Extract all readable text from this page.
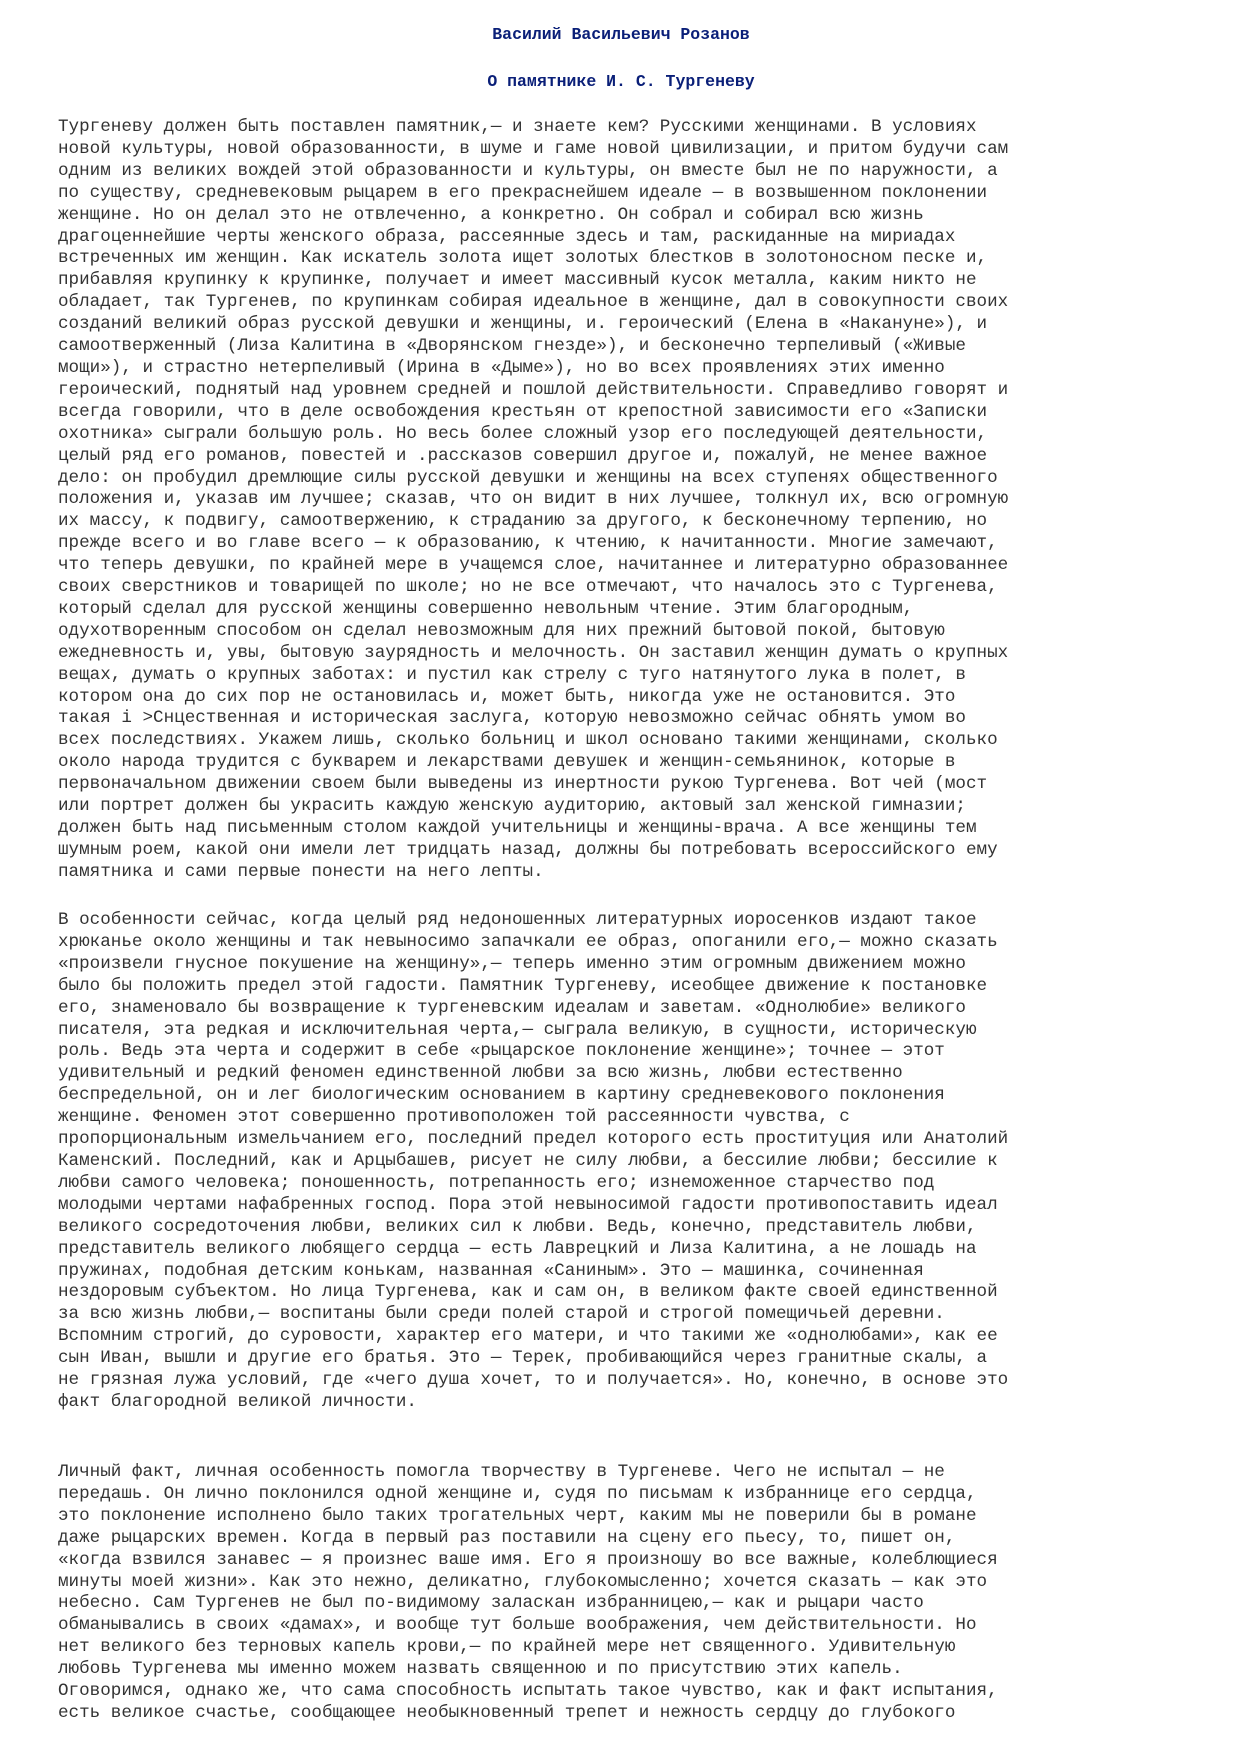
Василий Васильевич Розанов
О памятнике И. С. Тургеневу

Тургеневу должен быть поставлен памятник,— и знаете кем? Русскими женщинами. В условиях
новой культуры, новой образованности, в шуме и гаме новой цивилизации, и притом будучи сам
одним из великих вождей этой образованности и культуры, он вместе был не по наружности, а
по существу, средневековым рыцарем в его прекраснейшем идеале — в возвышенном поклонении
женщине. Но он делал это не отвлеченно, а конкретно. Он собрал и собирал всю жизнь
драгоценнейшие черты женского образа, рассеянные здесь и там, раскиданные на мириадах
встреченных им женщин. Как искатель золота ищет золотых блестков в золотоносном песке и,
прибавляя крупинку к крупинке, получает и имеет массивный кусок металла, каким никто не
обладает, так Тургенев, по крупинкам собирая идеальное в женщине, дал в совокупности своих
созданий великий образ русской девушки и женщины, и. героический (Елена в «Накануне»), и
самоотверженный (Лиза Калитина в «Дворянском гнезде»), и бесконечно терпеливый («Живые
мощи»), и страстно нетерпеливый (Ирина в «Дыме»), но во всех проявлениях этих именно
героический, поднятый над уровнем средней и пошлой действительности. Справедливо говорят и
всегда говорили, что в деле освобождения крестьян от крепостной зависимости его «Записки
охотника» сыграли большую роль. Но весь более сложный узор его последующей деятельности,
целый ряд его романов, повестей и .рассказов совершил другое и, пожалуй, не менее важное
дело: он пробудил дремлющие силы русской девушки и женщины на всех ступенях общественного
положения и, указав им лучшее; сказав, что он видит в них лучшее, толкнул их, всю огромную
их массу, к подвигу, самоотвержению, к страданию за другого, к бесконечному терпению, но
прежде всего и во главе всего — к образованию, к чтению, к начитанности. Многие замечают,
что теперь девушки, по крайней мере в учащемся слое, начитаннее и литературно образованнее
своих сверстников и товарищей по школе; но не все отмечают, что началось это с Тургенева,
который сделал для русской женщины совершенно невольным чтение. Этим благородным,
одухотворенным способом он сделал невозможным для них прежний бытовой покой, бытовую
ежедневность и, увы, бытовую заурядность и мелочность. Он заставил женщин думать о крупных
вещах, думать о крупных заботах: и пустил как стрелу с туго натянутого лука в полет, в
котором она до сих пор не остановилась и, может быть, никогда уже не остановится. Это
такая і >Снцественная и историческая заслуга, которую невозможно сейчас обнять умом во
всех последствиях. Укажем лишь, сколько больниц и школ основано такими женщинами, сколько
около народа трудится с букварем и лекарствами девушек и женщин-семьянинок, которые в
первоначальном движении своем были выведены из инертности рукою Тургенева. Вот чей (мост
или портрет должен бы украсить каждую женскую аудиторию, актовый зал женской гимназии;
должен быть над письменным столом каждой учительницы и женщины-врача. А все женщины тем
шумным роем, какой они имели лет тридцать назад, должны бы потребовать всероссийского ему
памятника и сами первые понести на него лепты.

В особенности сейчас, когда целый ряд недоношенных литературных иоросенков издают такое
хрюканье около женщины и так невыносимо запачкали ее образ, опоганили его,— можно сказать
«произвели гнусное покушение на женщину»,— теперь именно этим огромным движением можно
было бы положить предел этой гадости. Памятник Тургеневу, исеобщее движение к постановке
его, знаменовало бы возвращение к тургеневским идеалам и заветам. «Однолюбие» великого
писателя, эта редкая и исключительная черта,— сыграла великую, в сущности, историческую
роль. Ведь эта черта и содержит в себе «рыцарское поклонение женщине»; точнее — этот
удивительный и редкий феномен единственной любви за всю жизнь, любви естественно
беспредельной, он и лег биологическим основанием в картину средневекового поклонения
женщине. Феномен этот совершенно противоположен той рассеянности чувства, с
пропорциональным измельчанием его, последний предел которого есть проституция или Анатолий
Каменский. Последний, как и Арцыбашев, рисует не силу любви, а бессилие любви; бессилие к
любви самого человека; поношенность, потрепанность его; изнеможенное старчество под
молодыми чертами нафабренных господ. Пора этой невыносимой гадости противопоставить идеал
великого сосредоточения любви, великих сил к любви. Ведь, конечно, представитель любви,
представитель великого любящего сердца — есть Лаврецкий и Лиза Калитина, а не лошадь на
пружинах, подобная детским конькам, названная «Саниным». Это — машинка, сочиненная
нездоровым субъектом. Но лица Тургенева, как и сам он, в великом факте своей единственной
за всю жизнь любви,— воспитаны были среди полей старой и строгой помещичьей деревни.
Вспомним строгий, до суровости, характер его матери, и что такими же «однолюбами», как ее
сын Иван, вышли и другие его братья. Это — Терек, пробивающийся через гранитные скалы, а
не грязная лужа условий, где «чего душа хочет, то и получается». Но, конечно, в основе это
факт благородной великой личности.

Личный факт, личная особенность помогла творчеству в Тургеневе. Чего не испытал — не
передашь. Он лично поклонился одной женщине и, судя по письмам к избраннице его сердца,
это поклонение исполнено было таких трогательных черт, каким мы не поверили бы в романе
даже рыцарских времен. Когда в первый раз поставили на сцену его пьесу, то, пишет он,
«когда взвился занавес — я произнес ваше имя. Его я произношу во все важные, колеблющиеся
минуты моей жизни». Как это нежно, деликатно, глубокомысленно; хочется сказать — как это
небесно. Сам Тургенев не был по-видимому заласкан избранницею,— как и рыцари часто
обманывались в своих «дамах», и вообще тут больше воображения, чем действительности. Но
нет великого без терновых капель крови,— по крайней мере нет священного. Удивительную
любовь Тургенева мы именно можем назвать священною и по присутствию этих капель.
Оговоримся, однако же, что сама способность испытать такое чувство, как и факт испытания,
есть великое счастье, сообщающее необыкновенный трепет и нежность сердцу до глубокого
